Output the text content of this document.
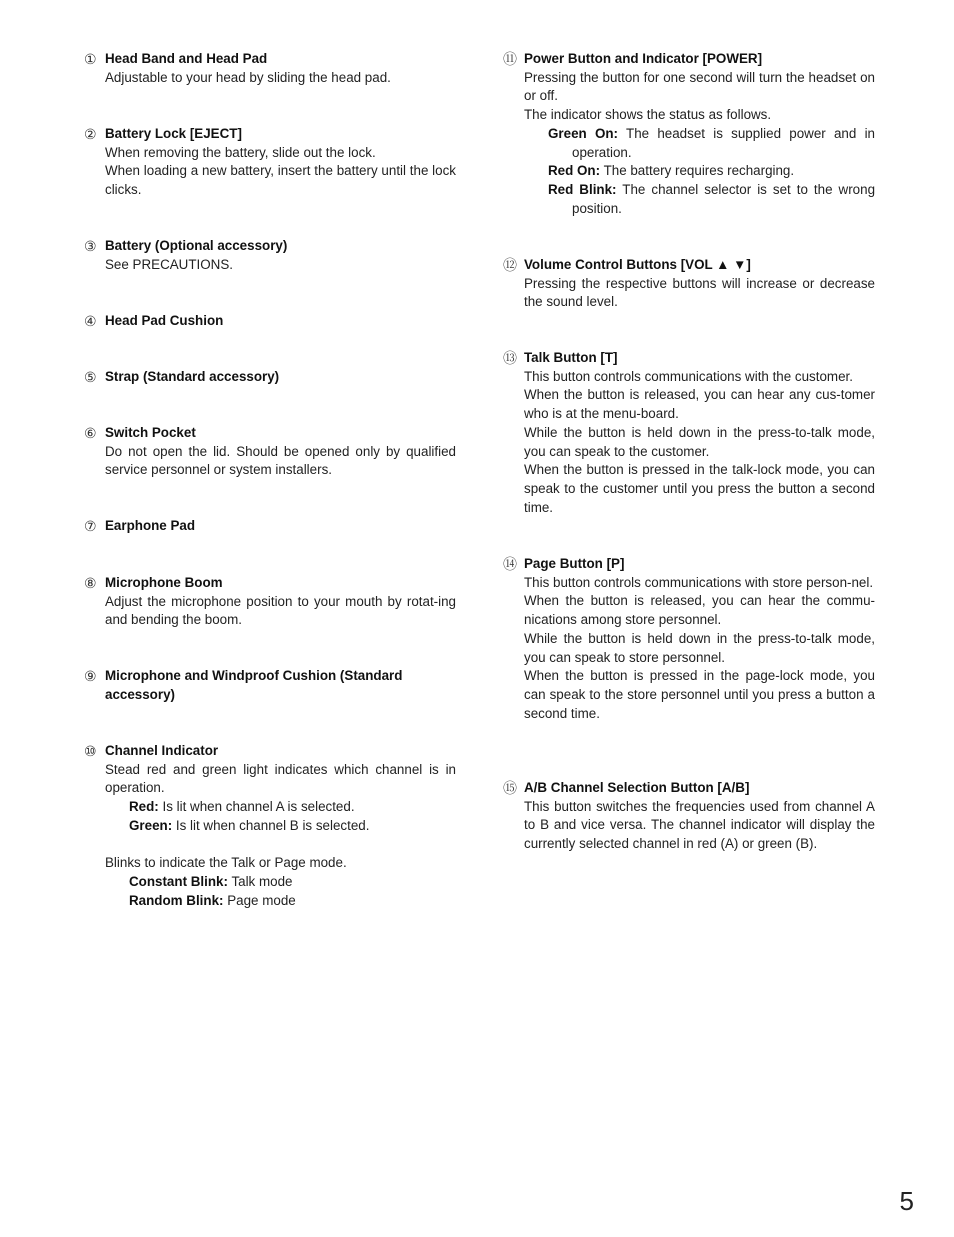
① Head Band and Head Pad
Adjustable to your head by sliding the head pad.
② Battery Lock [EJECT]
When removing the battery, slide out the lock.
When loading a new battery, insert the battery until the lock clicks.
③ Battery (Optional accessory)
See PRECAUTIONS.
④ Head Pad Cushion
⑤ Strap (Standard accessory)
⑥ Switch Pocket
Do not open the lid. Should be opened only by qualified service personnel or system installers.
⑦ Earphone Pad
⑧ Microphone Boom
Adjust the microphone position to your mouth by rotat-ing and bending the boom.
⑨ Microphone and Windproof Cushion (Standard accessory)
⑩ Channel Indicator
Stead red and green light indicates which channel is in operation.
Red: Is lit when channel A is selected.
Green: Is lit when channel B is selected.
Blinks to indicate the Talk or Page mode.
Constant Blink: Talk mode
Random Blink: Page mode
⑪ Power Button and Indicator [POWER]
Pressing the button for one second will turn the headset on or off.
The indicator shows the status as follows.
Green On: The headset is supplied power and in operation.
Red On: The battery requires recharging.
Red Blink: The channel selector is set to the wrong position.
⑫ Volume Control Buttons [VOL ▲ ▼]
Pressing the respective buttons will increase or decrease the sound level.
⑬ Talk Button [T]
This button controls communications with the customer.
When the button is released, you can hear any cus-tomer who is at the menu-board.
While the button is held down in the press-to-talk mode, you can speak to the customer.
When the button is pressed in the talk-lock mode, you can speak to the customer until you press the button a second time.
⑭ Page Button [P]
This button controls communications with store person-nel.
When the button is released, you can hear the commu-nications among store personnel.
While the button is held down in the press-to-talk mode, you can speak to store personnel.
When the button is pressed in the page-lock mode, you can speak to the store personnel until you press a button a second time.
⑮ A/B Channel Selection Button [A/B]
This button switches the frequencies used from channel A to B and vice versa. The channel indicator will display the currently selected channel in red (A) or green (B).
5
